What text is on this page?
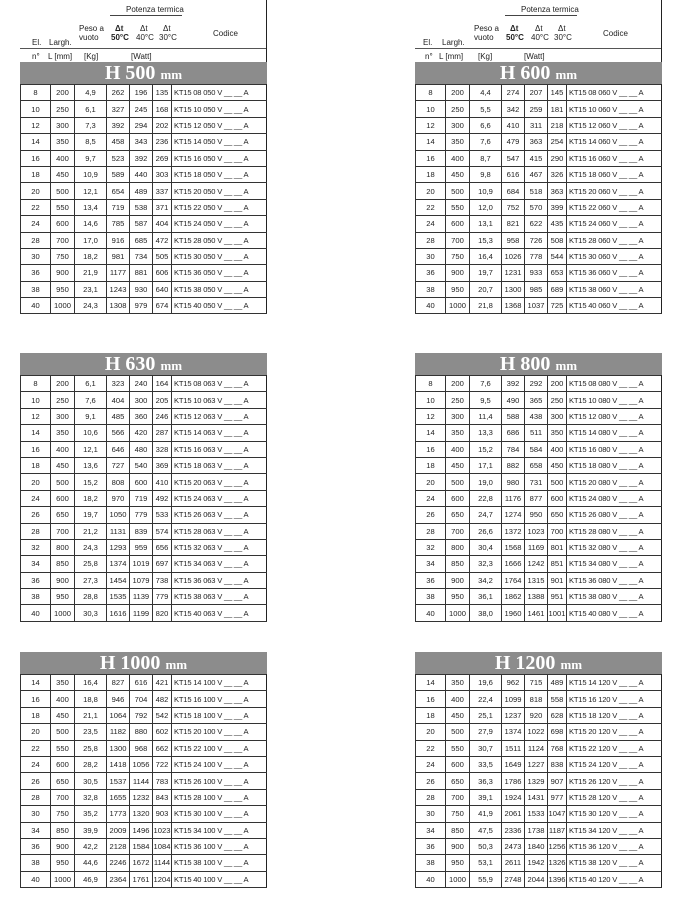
Potenza termica
Peso a
vuoto
Δt
50°C
Δt
40°C
Δt
30°C	Codice
El. Largh.
n° L [mm] [Kg]	[Watt]
Potenza termica
Peso a
vuoto
Δt
50°C
Δt
40°C
Δt
30°C	Codice
El. Largh.
n° L [mm] [Kg]	[Watt]
H 500 mm
8	200	4,9	262	196	135	KT15 08 050 V __ __ A
10	250	6,1	327	245	168	KT15 10 050 V __ __ A
12	300	7,3	392	294	202	KT15 12 050 V __ __ A
14	350	8,5	458	343	236	KT15 14 050 V __ __ A
16	400	9,7	523	392	269	KT15 16 050 V __ __ A
18	450	10,9	589	440	303	KT15 18 050 V __ __ A
20	500	12,1	654	489	337	KT15 20 050 V __ __ A
22	550	13,4	719	538	371	KT15 22 050 V __ __ A
24	600	14,6	785	587	404	KT15 24 050 V __ __ A
28	700	17,0	916	685	472	KT15 28 050 V __ __ A
30	750	18,2	981	734	505	KT15 30 050 V __ __ A
36	900	21,9	1177	881	606	KT15 36 050 V __ __ A
38	950	23,1	1243	930	640	KT15 38 050 V __ __ A
40	1000	24,3	1308	979	674	KT15 40 050 V __ __ A
H 600 mm
8	200	4,4	274	207	145	KT15 08 060 V __ __ A
10	250	5,5	342	259	181	KT15 10 060 V __ __ A
12	300	6,6	410	311	218	KT15 12 060 V __ __ A
14	350	7,6	479	363	254	KT15 14 060 V __ __ A
16	400	8,7	547	415	290	KT15 16 060 V __ __ A
18	450	9,8	616	467	326	KT15 18 060 V __ __ A
20	500	10,9	684	518	363	KT15 20 060 V __ __ A
22	550	12,0	752	570	399	KT15 22 060 V __ __ A
24	600	13,1	821	622	435	KT15 24 060 V __ __ A
28	700	15,3	958	726	508	KT15 28 060 V __ __ A
30	750	16,4	1026	778	544	KT15 30 060 V __ __ A
36	900	19,7	1231	933	653	KT15 36 060 V __ __ A
38	950	20,7	1300	985	689	KT15 38 060 V __ __ A
40	1000	21,8	1368	1037	725	KT15 40 060 V __ __ A
H 630 mm
8	200	6,1	323	240	164	KT15 08 063 V __ __ A
10	250	7,6	404	300	205	KT15 10 063 V __ __ A
12	300	9,1	485	360	246	KT15 12 063 V __ __ A
14	350	10,6	566	420	287	KT15 14 063 V __ __ A
16	400	12,1	646	480	328	KT15 16 063 V __ __ A
18	450	13,6	727	540	369	KT15 18 063 V __ __ A
20	500	15,2	808	600	410	KT15 20 063 V __ __ A
24	600	18,2	970	719	492	KT15 24 063 V __ __ A
26	650	19,7	1050	779	533	KT15 26 063 V __ __ A
28	700	21,2	1131	839	574	KT15 28 063 V __ __ A
32	800	24,3	1293	959	656	KT15 32 063 V __ __ A
34	850	25,8	1374	1019	697	KT15 34 063 V __ __ A
36	900	27,3	1454	1079	738	KT15 36 063 V __ __ A
38	950	28,8	1535	1139	779	KT15 38 063 V __ __ A
40	1000	30,3	1616	1199	820	KT15 40 063 V __ __ A
H 800 mm
8	200	7,6	392	292	200	KT15 08 080 V __ __ A
10	250	9,5	490	365	250	KT15 10 080 V __ __ A
12	300	11,4	588	438	300	KT15 12 080 V __ __ A
14	350	13,3	686	511	350	KT15 14 080 V __ __ A
16	400	15,2	784	584	400	KT15 16 080 V __ __ A
18	450	17,1	882	658	450	KT15 18 080 V __ __ A
20	500	19,0	980	731	500	KT15 20 080 V __ __ A
24	600	22,8	1176	877	600	KT15 24 080 V __ __ A
26	650	24,7	1274	950	650	KT15 26 080 V __ __ A
28	700	26,6	1372	1023	700	KT15 28 080 V __ __ A
32	800	30,4	1568	1169	801	KT15 32 080 V __ __ A
34	850	32,3	1666	1242	851	KT15 34 080 V __ __ A
36	900	34,2	1764	1315	901	KT15 36 080 V __ __ A
38	950	36,1	1862	1388	951	KT15 38 080 V __ __ A
40	1000	38,0	1960	1461	1001	KT15 40 080 V __ __ A
H 1000 mm
14	350	16,4	827	616	421	KT15 14 100 V __ __ A
16	400	18,8	946	704	482	KT15 16 100 V __ __ A
18	450	21,1	1064	792	542	KT15 18 100 V __ __ A
20	500	23,5	1182	880	602	KT15 20 100 V __ __ A
22	550	25,8	1300	968	662	KT15 22 100 V __ __ A
24	600	28,2	1418	1056	722	KT15 24 100 V __ __ A
26	650	30,5	1537	1144	783	KT15 26 100 V __ __ A
28	700	32,8	1655	1232	843	KT15 28 100 V __ __ A
30	750	35,2	1773	1320	903	KT15 30 100 V __ __ A
34	850	39,9	2009	1496	1023	KT15 34 100 V __ __ A
36	900	42,2	2128	1584	1084	KT15 36 100 V __ __ A
38	950	44,6	2246	1672	1144	KT15 38 100 V __ __ A
40	1000	46,9	2364	1761	1204	KT15 40 100 V __ __ A
H 1200 mm
14	350	19,6	962	715	489	KT15 14 120 V __ __ A
16	400	22,4	1099	818	558	KT15 16 120 V __ __ A
18	450	25,1	1237	920	628	KT15 18 120 V __ __ A
20	500	27,9	1374	1022	698	KT15 20 120 V __ __ A
22	550	30,7	1511	1124	768	KT15 22 120 V __ __ A
24	600	33,5	1649	1227	838	KT15 24 120 V __ __ A
26	650	36,3	1786	1329	907	KT15 26 120 V __ __ A
28	700	39,1	1924	1431	977	KT15 28 120 V __ __ A
30	750	41,9	2061	1533	1047	KT15 30 120 V __ __ A
34	850	47,5	2336	1738	1187	KT15 34 120 V __ __ A
36	900	50,3	2473	1840	1256	KT15 36 120 V __ __ A
38	950	53,1	2611	1942	1326	KT15 38 120 V __ __ A
40	1000	55,9	2748	2044	1396	KT15 40 120 V __ __ A
